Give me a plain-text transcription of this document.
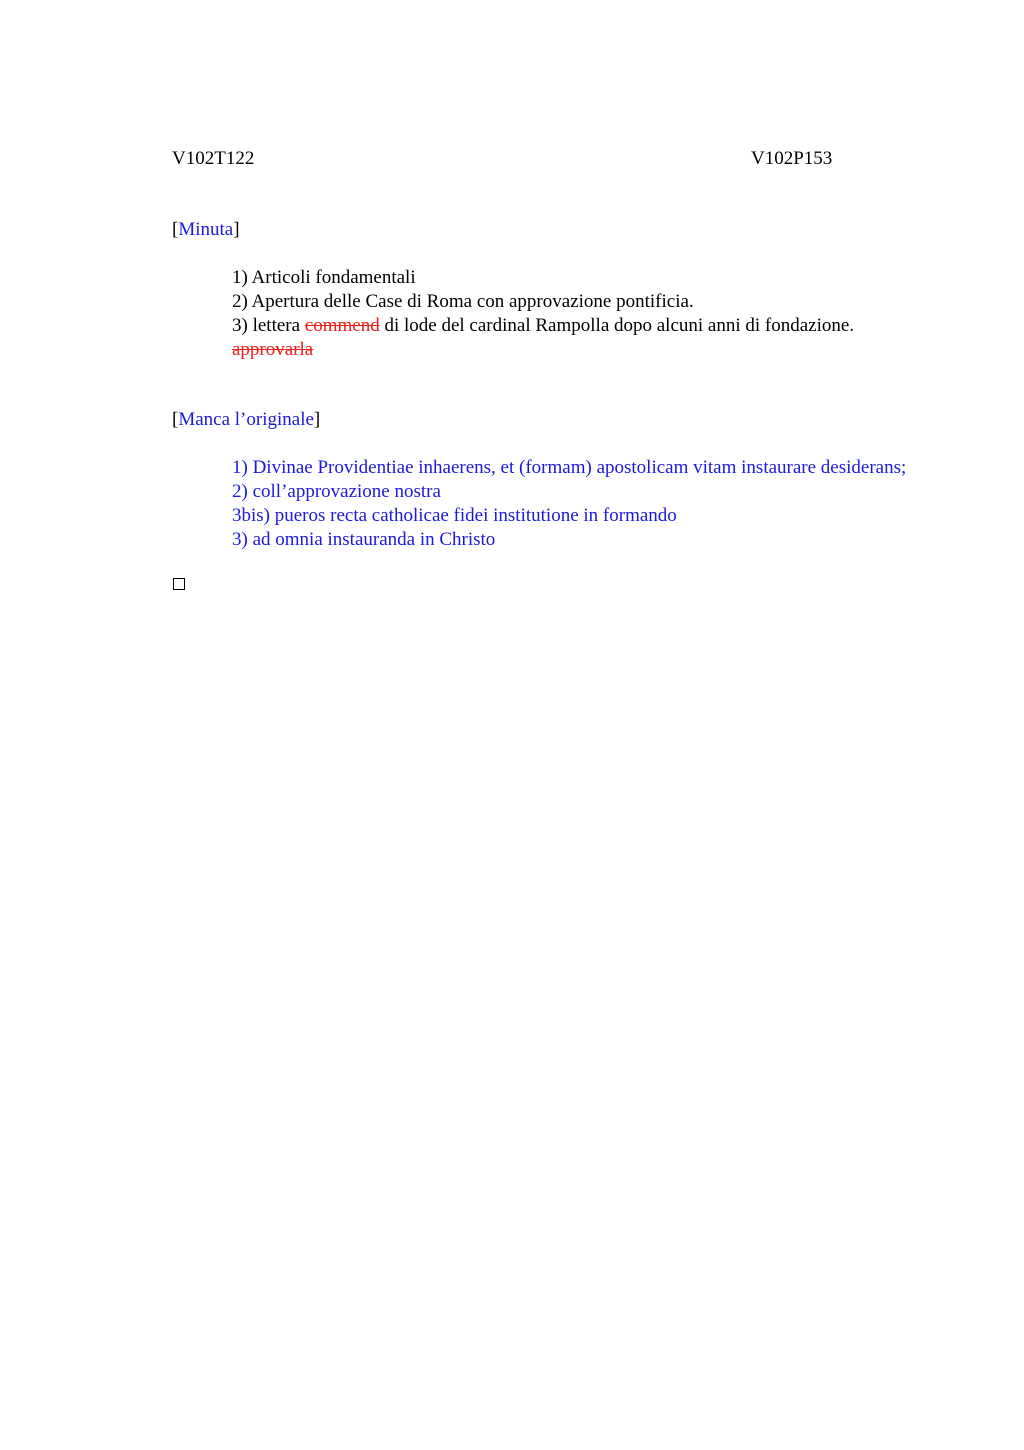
V102T122	V102P153
[Minuta]

1) Articoli fondamentali

2) Apertura delle Case di Roma con approvazione pontificia.

3) lettera commend di lode del cardinal Rampolla dopo alcuni anni di fondazione.

approvarla

[Manca l’originale]

1) Divinae Providentiae inhaerens, et (formam) apostolicam vitam instaurare desiderans;

2) coll’approvazione nostra

3bis) pueros recta catholicae fidei institutione in formando

3) ad omnia instauranda in Christo
